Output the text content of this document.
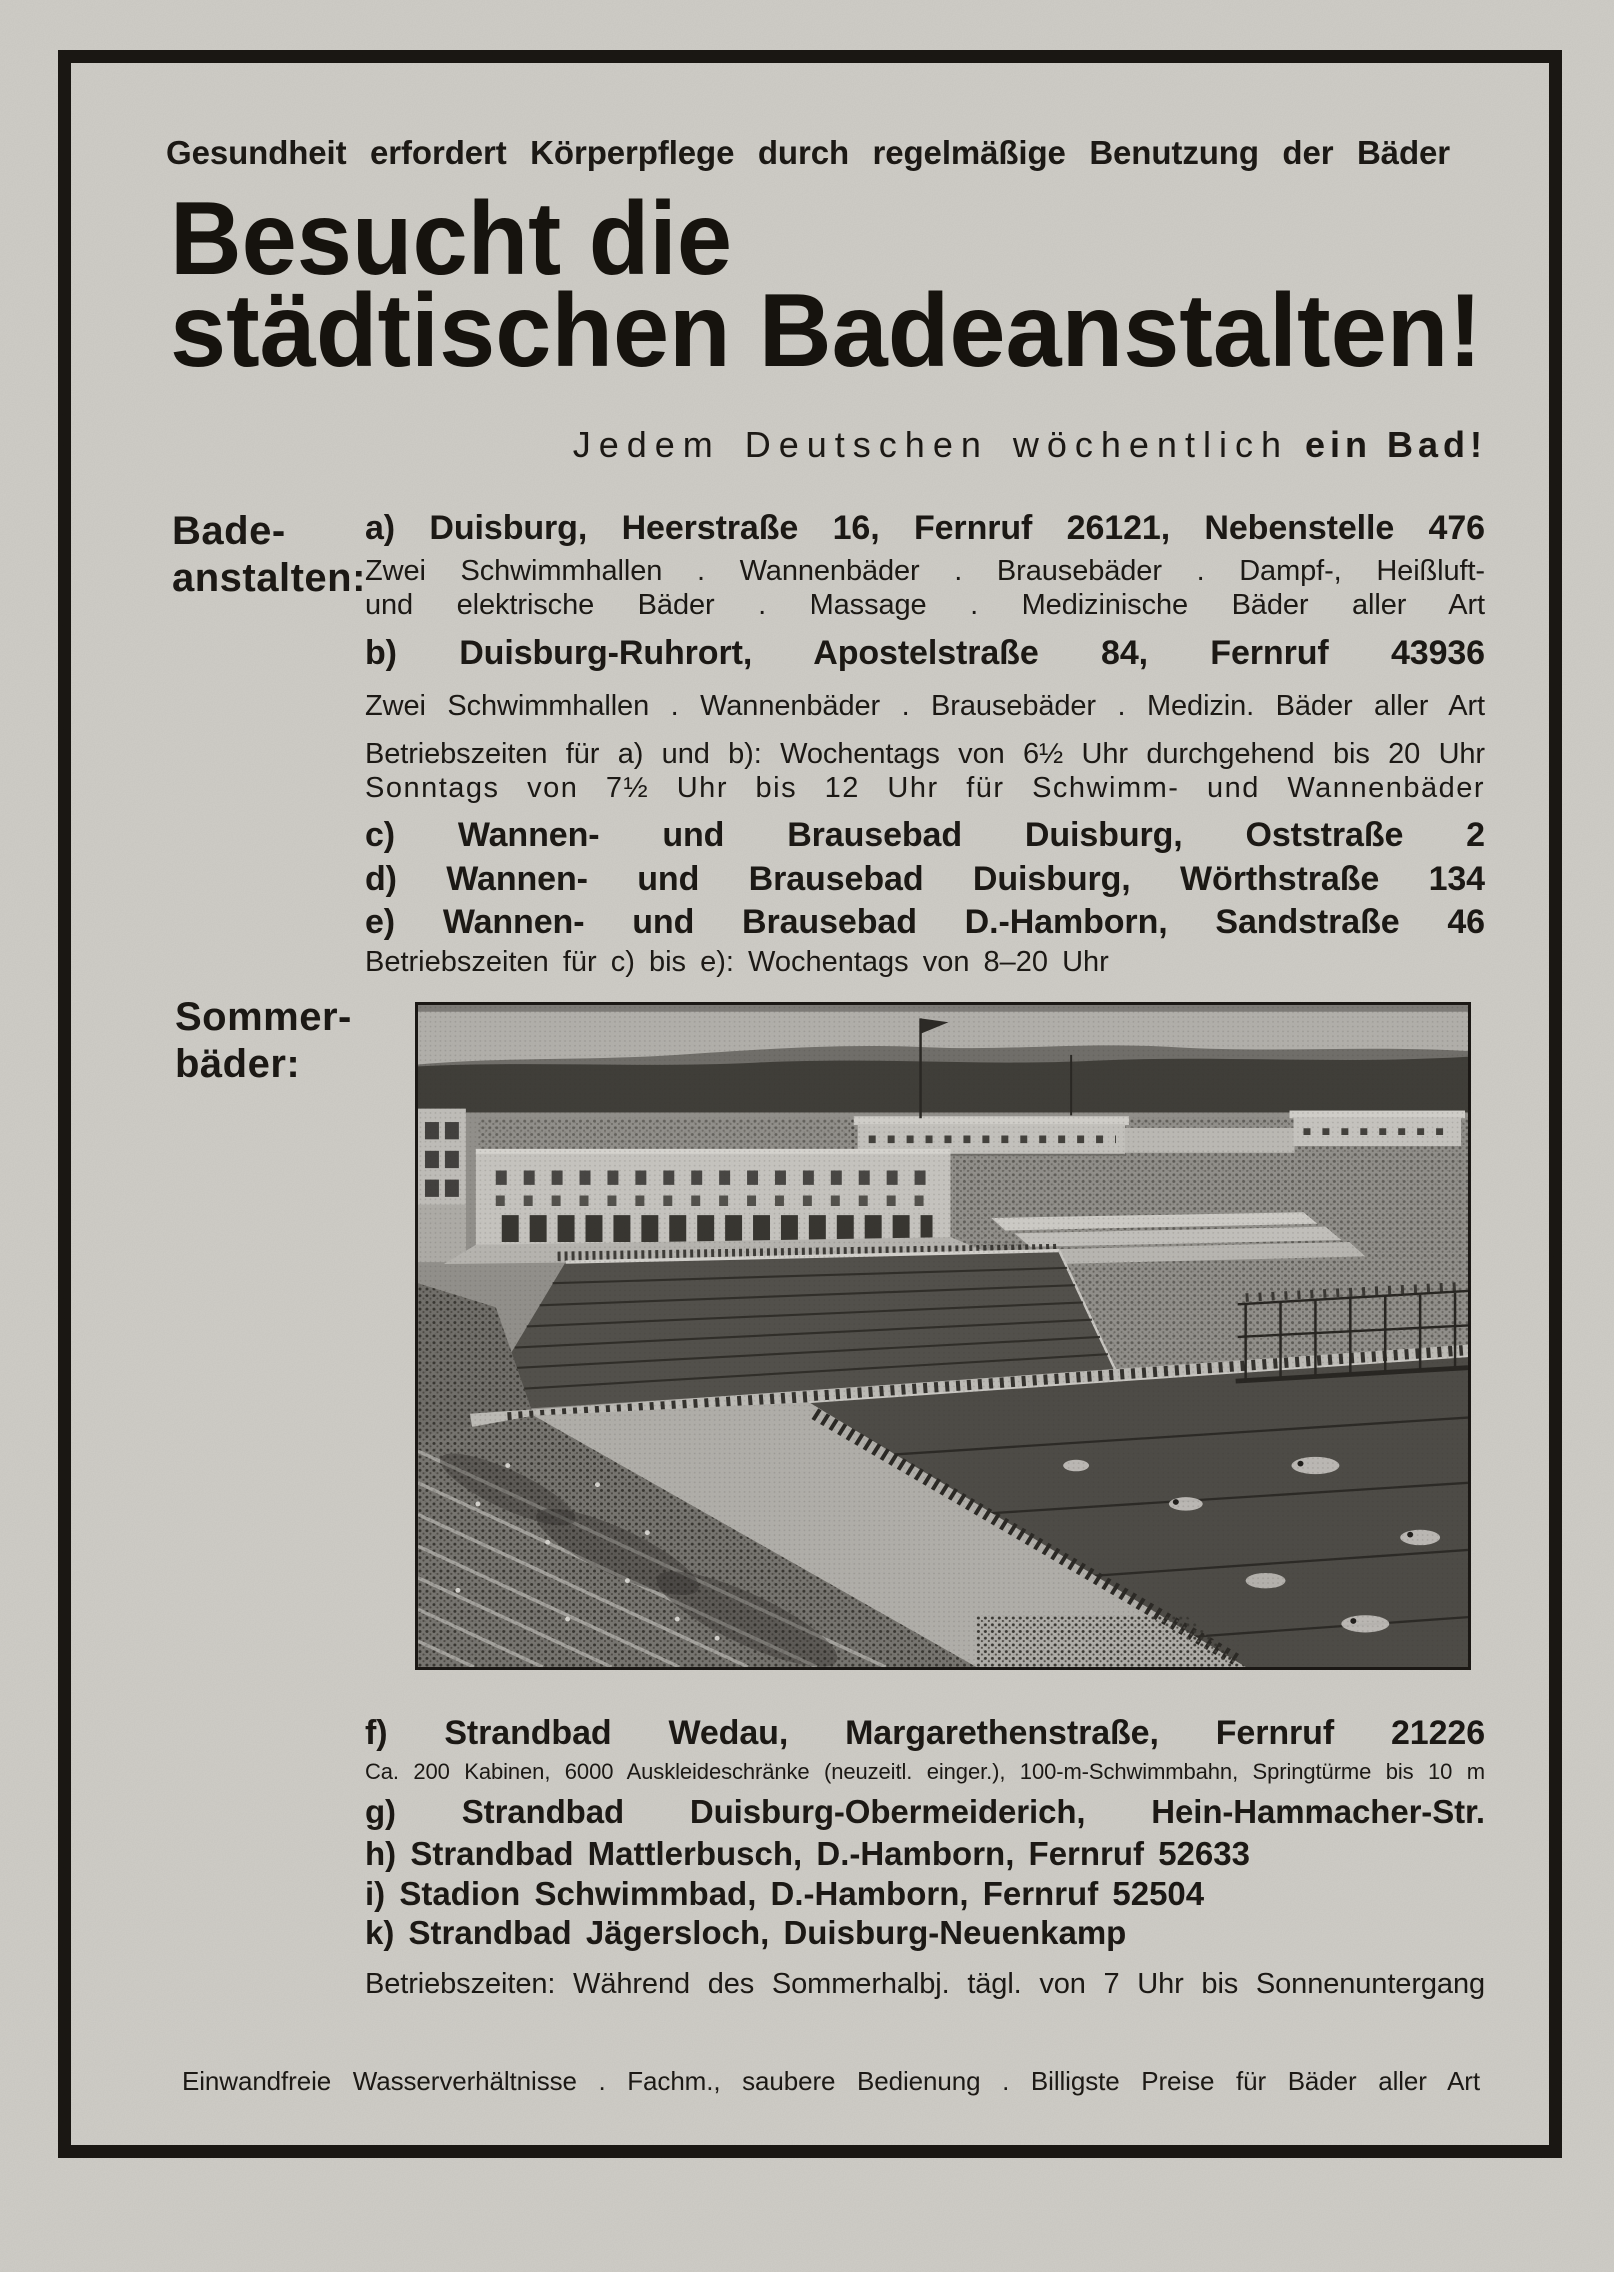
Gesundheit erfordert Körperpflege durch regelmäßige Benutzung der Bäder
Besucht die
städtischen Badeanstalten!
Jedem Deutschen wöchentlich ein Bad!
Bade-
anstalten:
a) Duisburg, Heerstraße 16, Fernruf 26121, Nebenstelle 476
Zwei Schwimmhallen . Wannenbäder . Brausebäder . Dampf-, Heißluft-
und elektrische Bäder . Massage . Medizinische Bäder aller Art
b) Duisburg-Ruhrort, Apostelstraße 84, Fernruf 43936
Zwei Schwimmhallen . Wannenbäder . Brausebäder . Medizin. Bäder aller Art
Betriebszeiten für a) und b): Wochentags von 6½ Uhr durchgehend bis 20 Uhr
Sonntags von 7½ Uhr bis 12 Uhr für Schwimm- und Wannenbäder
c) Wannen- und Brausebad Duisburg, Oststraße 2
d) Wannen- und Brausebad Duisburg, Wörthstraße 134
e) Wannen- und Brausebad D.-Hamborn, Sandstraße 46
Betriebszeiten für c) bis e): Wochentags von 8–20 Uhr
Sommer-
bäder:
f) Strandbad Wedau, Margarethenstraße, Fernruf 21226
Ca. 200 Kabinen, 6000 Auskleideschränke (neuzeitl. einger.), 100-m-Schwimmbahn, Springtürme bis 10 m
g) Strandbad Duisburg-Obermeiderich, Hein-Hammacher-Str.
h) Strandbad Mattlerbusch, D.-Hamborn, Fernruf 52633
i) Stadion Schwimmbad, D.-Hamborn, Fernruf 52504
k) Strandbad Jägersloch, Duisburg-Neuenkamp
Betriebszeiten: Während des Sommerhalbj. tägl. von 7 Uhr bis Sonnenuntergang
Einwandfreie Wasserverhältnisse . Fachm., saubere Bedienung . Billigste Preise für Bäder aller Art
